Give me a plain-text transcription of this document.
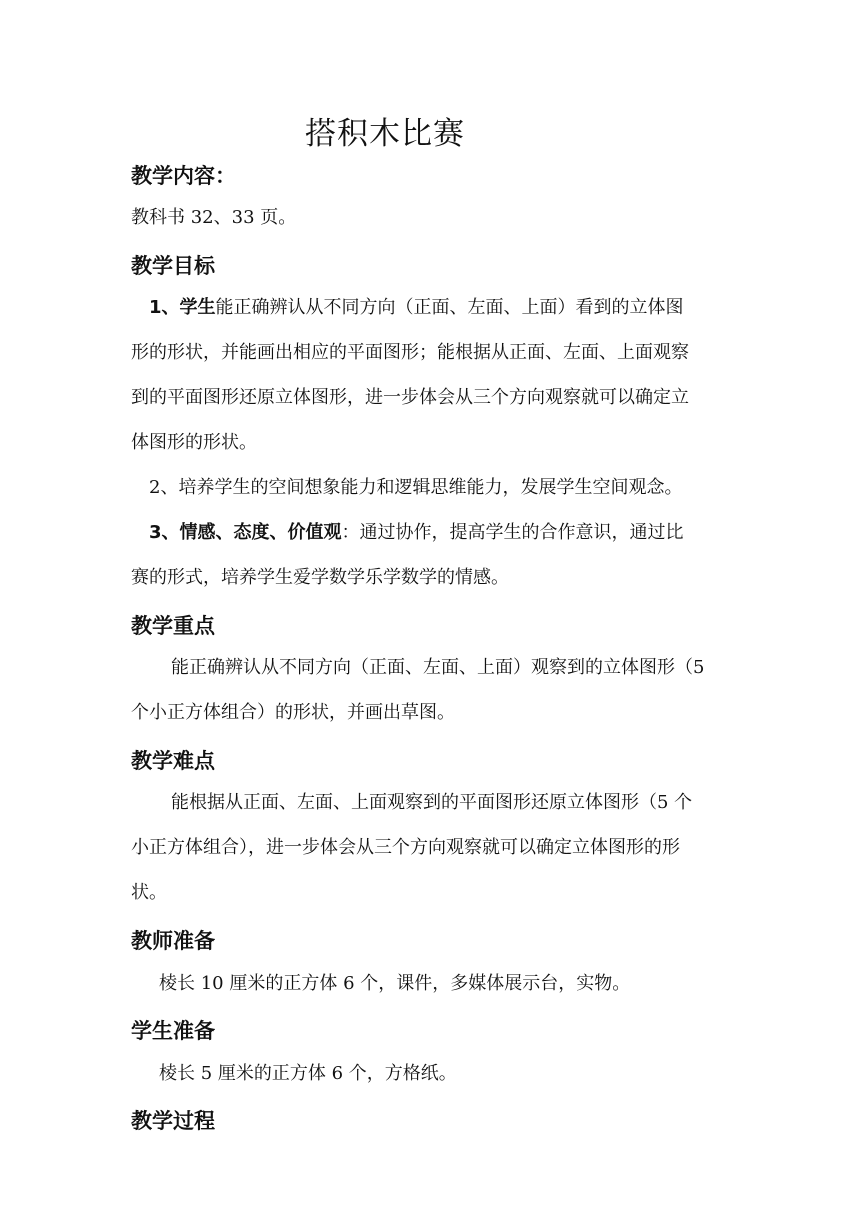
搭积木比赛
教学内容：
教科书 32、33 页。
教学目标
1、学生能正确辨认从不同方向（正面、左面、上面）看到的立体图
形的形状，并能画出相应的平面图形；能根据从正面、左面、上面观察
到的平面图形还原立体图形，进一步体会从三个方向观察就可以确定立
体图形的形状。
2、培养学生的空间想象能力和逻辑思维能力，发展学生空间观念。
3、情感、态度、价值观：通过协作，提高学生的合作意识，通过比
赛的形式，培养学生爱学数学乐学数学的情感。
教学重点
能正确辨认从不同方向（正面、左面、上面）观察到的立体图形（5
个小正方体组合）的形状，并画出草图。
教学难点
能根据从正面、左面、上面观察到的平面图形还原立体图形（5 个
小正方体组合），进一步体会从三个方向观察就可以确定立体图形的形
状。
教师准备
棱长 10 厘米的正方体 6 个，课件，多媒体展示台，实物。
学生准备
棱长 5 厘米的正方体 6 个，方格纸。
教学过程
